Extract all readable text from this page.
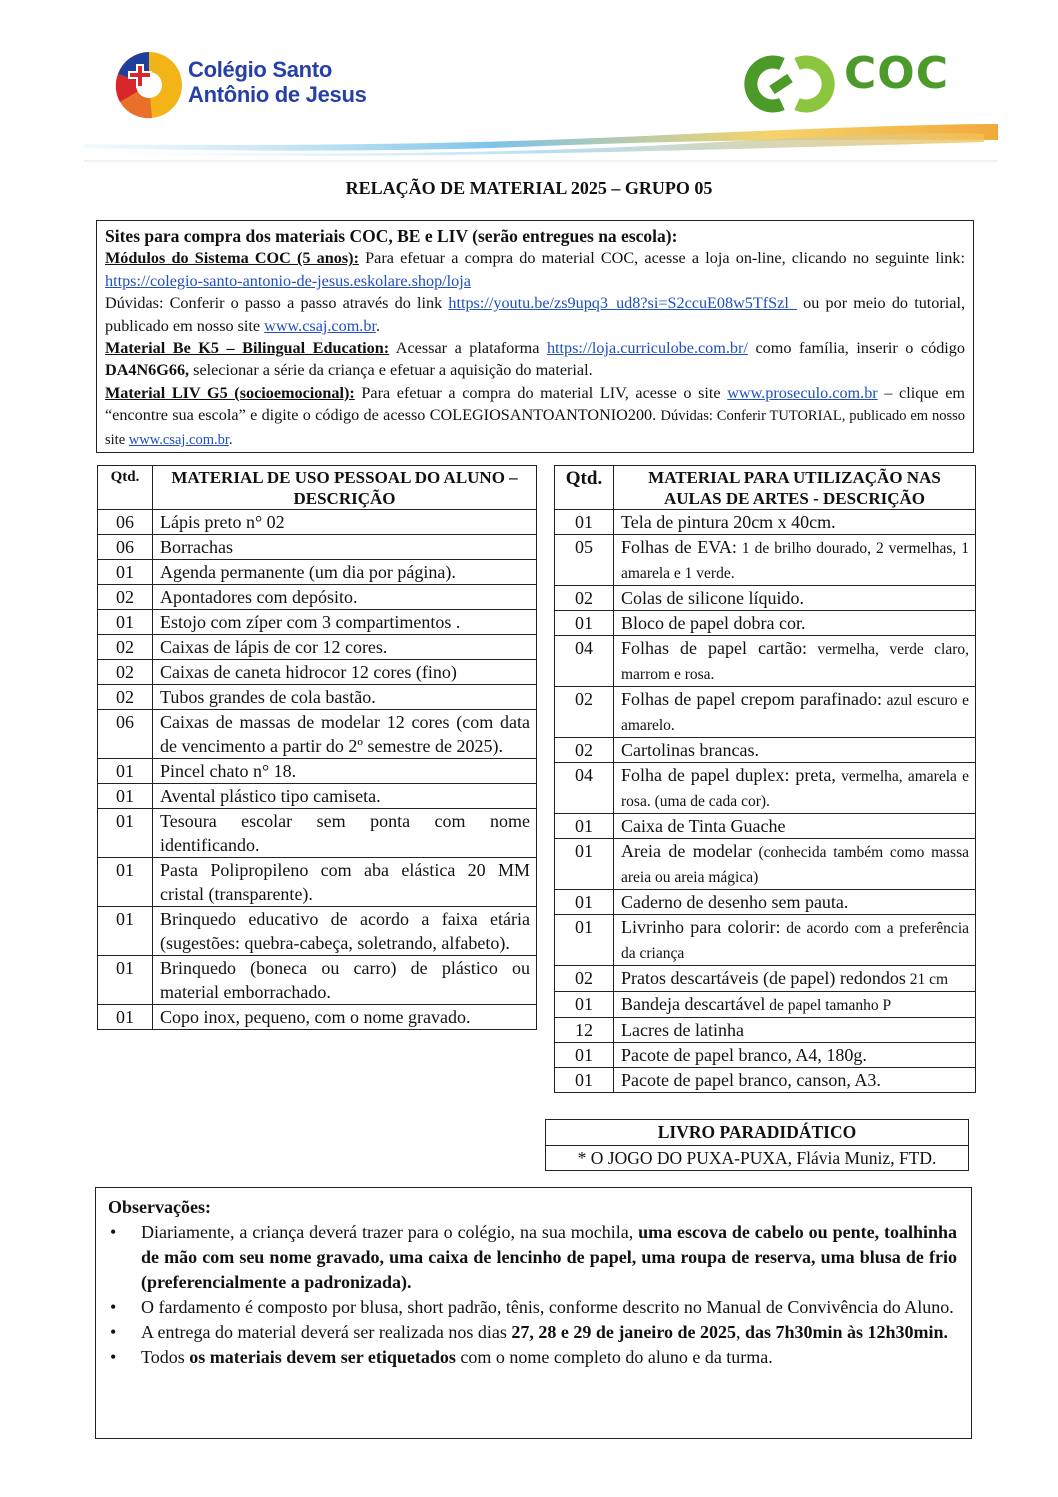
Colégio Santo
Antônio de Jesus	COC
RELAÇÃO DE MATERIAL 2025 – GRUPO 05

Sites para compra dos materiais COC, BE e LIV (serão entregues na escola):

Módulos do Sistema COC (5 anos): Para efetuar a compra do material COC, acesse a loja on-line, clicando no seguinte link: https://colegio-santo-antonio-de-jesus.eskolare.shop/loja

Dúvidas: Conferir o passo a passo através do link https://youtu.be/zs9upq3_ud8?si=S2ccuE08w5TfSzl_ ou por meio do tutorial, publicado em nosso site www.csaj.com.br.

Material Be K5 – Bilingual Education: Acessar a plataforma https://loja.curriculobe.com.br/ como família, inserir o código DA4N6G66, selecionar a série da criança e efetuar a aquisição do material.

Material LIV G5 (socioemocional): Para efetuar a compra do material LIV, acesse o site www.proseculo.com.br – clique em “encontre sua escola” e digite o código de acesso COLEGIOSANTOANTONIO200. Dúvidas: Conferir TUTORIAL, publicado em nosso site www.csaj.com.br.

Qtd.	MATERIAL DE USO PESSOAL DO ALUNO – DESCRIÇÃO
06	Lápis preto n° 02
06	Borrachas
01	Agenda permanente (um dia por página).
02	Apontadores com depósito.
01	Estojo com zíper com 3 compartimentos .
02	Caixas de lápis de cor 12 cores.
02	Caixas de caneta hidrocor 12 cores (fino)
02	Tubos grandes de cola bastão.
06	Caixas de massas de modelar 12 cores (com data de vencimento a partir do 2º semestre de 2025).
01	Pincel chato n° 18.
01	Avental plástico tipo camiseta.
01	Tesoura escolar sem ponta com nome identificando.
01	Pasta Polipropileno com aba elástica 20 MM cristal (transparente).
01	Brinquedo educativo de acordo a faixa etária (sugestões: quebra-cabeça, soletrando, alfabeto).
01	Brinquedo (boneca ou carro) de plástico ou material emborrachado.
01	Copo inox, pequeno, com o nome gravado.
Qtd.	MATERIAL PARA UTILIZAÇÃO NAS AULAS DE ARTES - DESCRIÇÃO
01	Tela de pintura 20cm x 40cm.
05	Folhas de EVA: 1 de brilho dourado, 2 vermelhas, 1 amarela e 1 verde.
02	Colas de silicone líquido.
01	Bloco de papel dobra cor.
04	Folhas de papel cartão: vermelha, verde claro, marrom e rosa.
02	Folhas de papel crepom parafinado: azul escuro e amarelo.
02	Cartolinas brancas.
04	Folha de papel duplex: preta, vermelha, amarela e rosa. (uma de cada cor).
01	Caixa de Tinta Guache
01	Areia de modelar (conhecida também como massa areia ou areia mágica)
01	Caderno de desenho sem pauta.
01	Livrinho para colorir: de acordo com a preferência da criança
02	Pratos descartáveis (de papel) redondos 21 cm
01	Bandeja descartável de papel tamanho P
12	Lacres de latinha
01	Pacote de papel branco, A4, 180g.
01	Pacote de papel branco, canson, A3.
LIVRO PARADIDÁTICO
* O JOGO DO PUXA-PUXA, Flávia Muniz, FTD.
Observações:
• Diariamente, a criança deverá trazer para o colégio, na sua mochila, uma escova de cabelo ou pente, toalhinha de mão com seu nome gravado, uma caixa de lencinho de papel, uma roupa de reserva, uma blusa de frio (preferencialmente a padronizada).
• O fardamento é composto por blusa, short padrão, tênis, conforme descrito no Manual de Convivência do Aluno.
• A entrega do material deverá ser realizada nos dias 27, 28 e 29 de janeiro de 2025, das 7h30min às 12h30min.
• Todos os materiais devem ser etiquetados com o nome completo do aluno e da turma.
